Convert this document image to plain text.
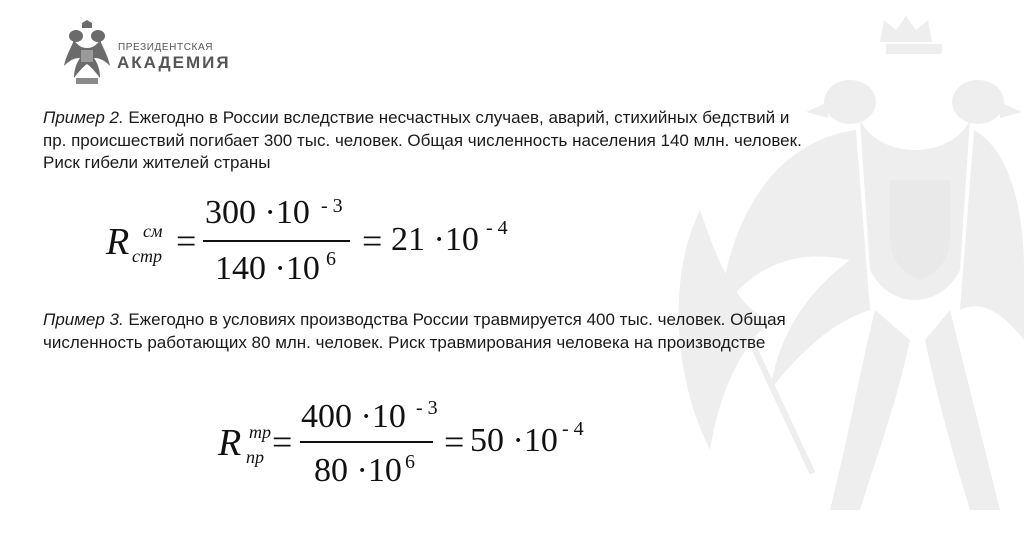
ПРЕЗИДЕНТСКАЯ
АКАДЕМИЯ
Пример 2. Ежегодно в России вследствие несчастных случаев, аварий, стихийных бедствий и пр. происшествий погибает 300 тыс. человек. Общая численность населения 140 млн. человек. Риск гибели жителей страны
R см
стр =
300 ·10 - 3
140 ·10 6 = 21 ·10 - 4
Пример 3. Ежегодно в условиях производства России травмируется 400 тыс. человек. Общая численность работающих 80 млн. человек. Риск травмирования человека на производстве
R тр
пр =
400 ·10 - 3
80 ·10 6 = 50 ·10 - 4
